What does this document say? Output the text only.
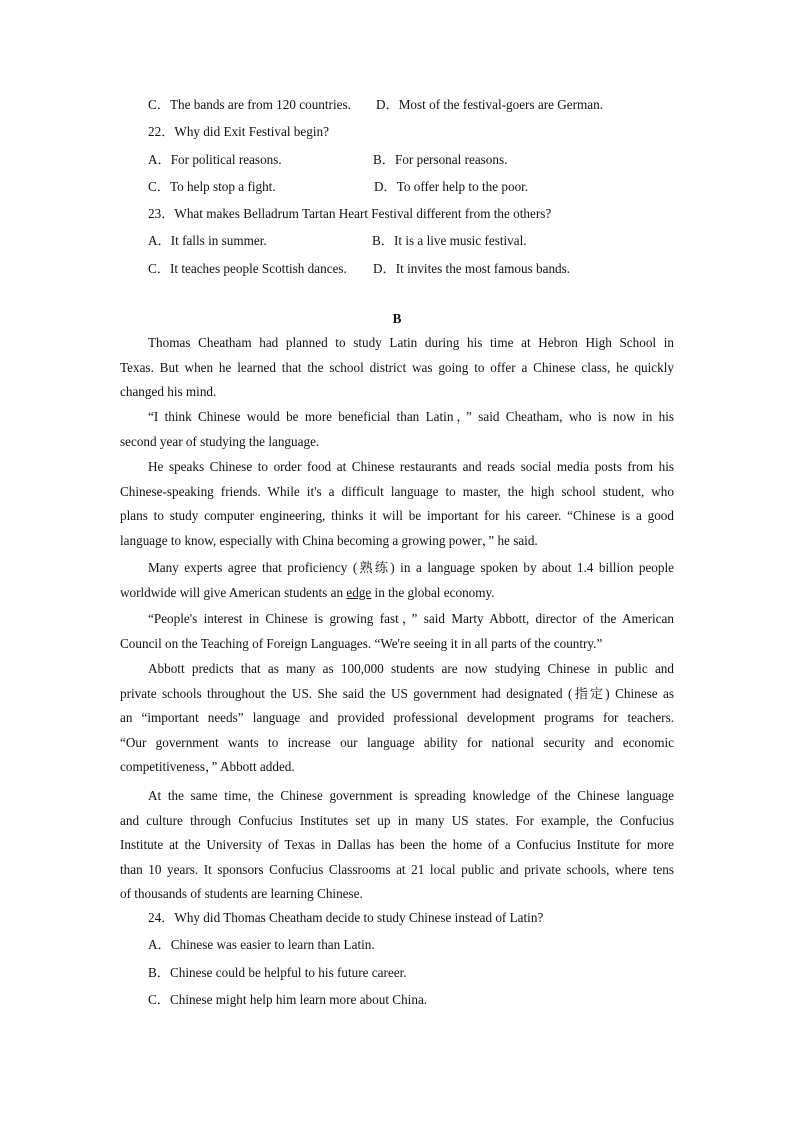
C．The bands are from 120 countries. D．Most of the festival-goers are German.
22．Why did Exit Festival begin?
A．For political reasons.	B．For personal reasons.
C．To help stop a fight.	D．To offer help to the poor.
23．What makes Belladrum Tartan Heart Festival different from the others?
A．It falls in summer.	B．It is a live music festival.
C．It teaches people Scottish dances. D．It invites the most famous bands.
B
Thomas Cheatham had planned to study Latin during his time at Hebron High School in
Texas. But when he learned that the school district was going to offer a Chinese class, he quickly
changed his mind.
“I think Chinese would be more beneficial than Latin，” said Cheatham, who is now in his
second year of studying the language.
He speaks Chinese to order food at Chinese restaurants and reads social media posts from his
Chinese-speaking friends. While it's a difficult language to master, the high school student, who
plans to study computer engineering, thinks it will be important for his career. “Chinese is a good
language to know, especially with China becoming a growing power，” he said.
Many experts agree that proficiency (熟练) in a language spoken by about 1.4 billion people
worldwide will give American students an edge in the global economy.
“People's interest in Chinese is growing fast，” said Marty Abbott, director of the American
Council on the Teaching of Foreign Languages. “We're seeing it in all parts of the country.”
Abbott predicts that as many as 100,000 students are now studying Chinese in public and
private schools throughout the US. She said the US government had designated (指定) Chinese as
an “important needs” language and provided professional development programs for teachers.
“Our government wants to increase our language ability for national security and economic
competitiveness，” Abbott added.
At the same time, the Chinese government is spreading knowledge of the Chinese language
and culture through Confucius Institutes set up in many US states. For example, the Confucius
Institute at the University of Texas in Dallas has been the home of a Confucius Institute for more
than 10 years. It sponsors Confucius Classrooms at 21 local public and private schools, where tens
of thousands of students are learning Chinese.
24．Why did Thomas Cheatham decide to study Chinese instead of Latin?
A．Chinese was easier to learn than Latin.
B．Chinese could be helpful to his future career.
C．Chinese might help him learn more about China.
